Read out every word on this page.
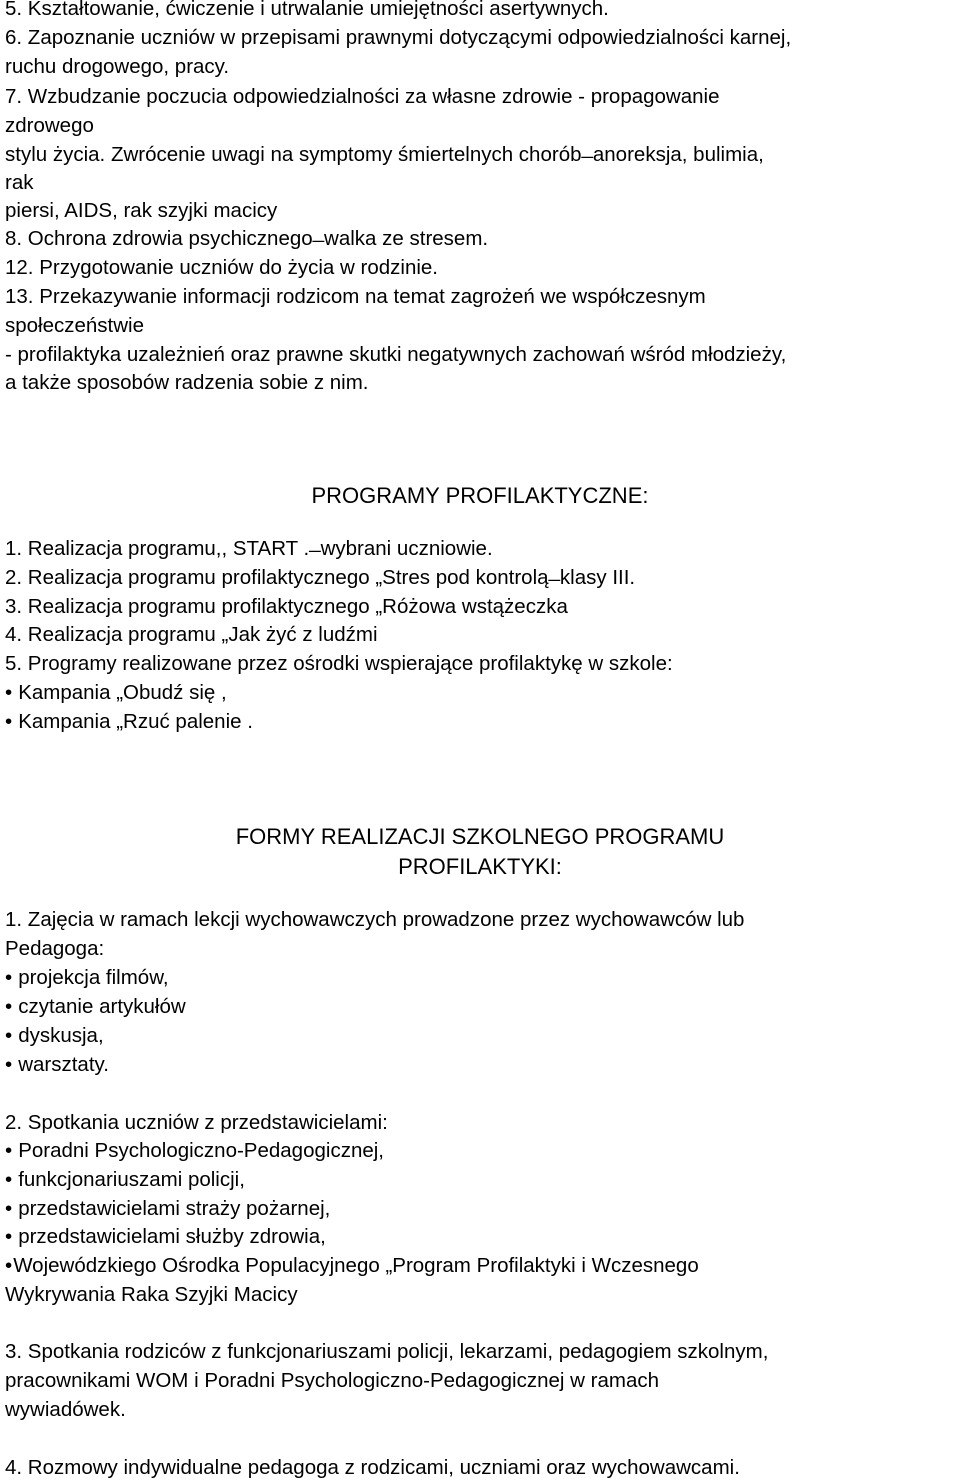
5. Kształtowanie, ćwiczenie i utrwalanie umiejętności asertywnych.

6. Zapoznanie uczniów w przepisami prawnymi dotyczącymi odpowiedzialności karnej,

ruchu drogowego, pracy.

7. Wzbudzanie poczucia odpowiedzialności za własne zdrowie - propagowanie

zdrowego

stylu życia. Zwrócenie uwagi na symptomy śmiertelnych chorób ̶ anoreksja, bulimia,

rak

piersi, AIDS, rak szyjki macicy

8. Ochrona zdrowia psychicznego ̶ walka ze stresem.

12. Przygotowanie uczniów do życia w rodzinie.

13. Przekazywanie informacji rodzicom na temat zagrożeń we współczesnym

społeczeństwie

- profilaktyka uzależnień oraz prawne skutki negatywnych zachowań wśród młodzieży,

a także sposobów radzenia sobie z nim.

PROGRAMY PROFILAKTYCZNE:

1. Realizacja programu,, START . ̶ wybrani uczniowie.

2. Realizacja programu profilaktycznego „Stres pod kontrolą ̶ klasy III.

3. Realizacja programu profilaktycznego „Różowa wstążeczka

4. Realizacja programu „Jak żyć z ludźmi

5. Programy realizowane przez ośrodki wspierające profilaktykę w szkole:

• Kampania „Obudź się ,

• Kampania „Rzuć palenie .

FORMY REALIZACJI SZKOLNEGO PROGRAMU
PROFILAKTYKI:

1. Zajęcia w ramach lekcji wychowawczych prowadzone przez wychowawców lub

Pedagoga:

• projekcja filmów,

• czytanie artykułów

• dyskusja,

• warsztaty.

2. Spotkania uczniów z przedstawicielami:

• Poradni Psychologiczno-Pedagogicznej,

• funkcjonariuszami policji,

• przedstawicielami straży pożarnej,

• przedstawicielami służby zdrowia,

•Wojewódzkiego Ośrodka Populacyjnego „Program Profilaktyki i Wczesnego

Wykrywania Raka Szyjki Macicy

3. Spotkania rodziców z funkcjonariuszami policji, lekarzami, pedagogiem szkolnym,

pracownikami WOM i Poradni Psychologiczno-Pedagogicznej w ramach

wywiadówek.

4. Rozmowy indywidualne pedagoga z rodzicami, uczniami oraz wychowawcami.
